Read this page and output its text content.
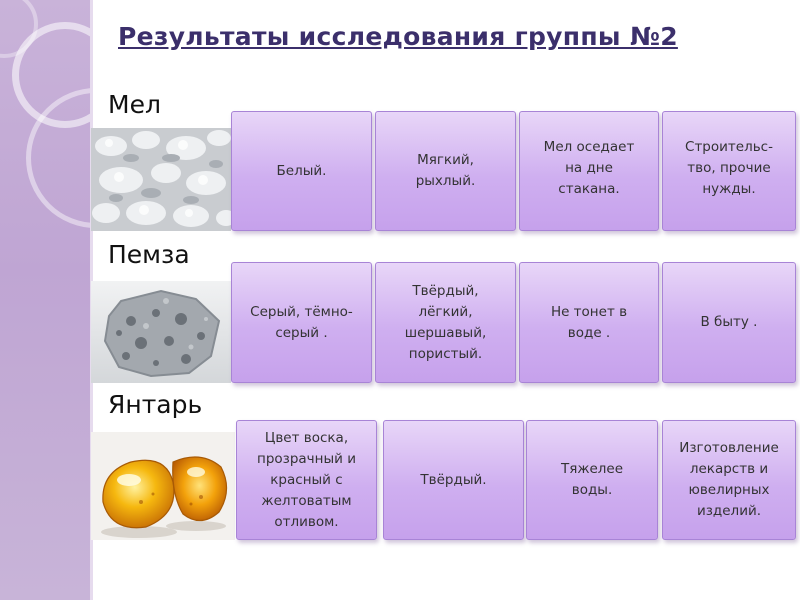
Результаты исследования группы №2
Мел
Белый.
Мягкий,
рыхлый.
Мел оседает
на дне
стакана.
Строительс-
тво, прочие
нужды.
Пемза
Серый, тёмно-
серый .
Твёрдый,
лёгкий,
шершавый,
пористый.
Не тонет в
воде .
В быту .
Янтарь
Цвет воска,
прозрачный и
красный с
желтоватым
отливом.
Твёрдый.
Тяжелее
воды.
Изготовление
лекарств и
ювелирных
изделий.
